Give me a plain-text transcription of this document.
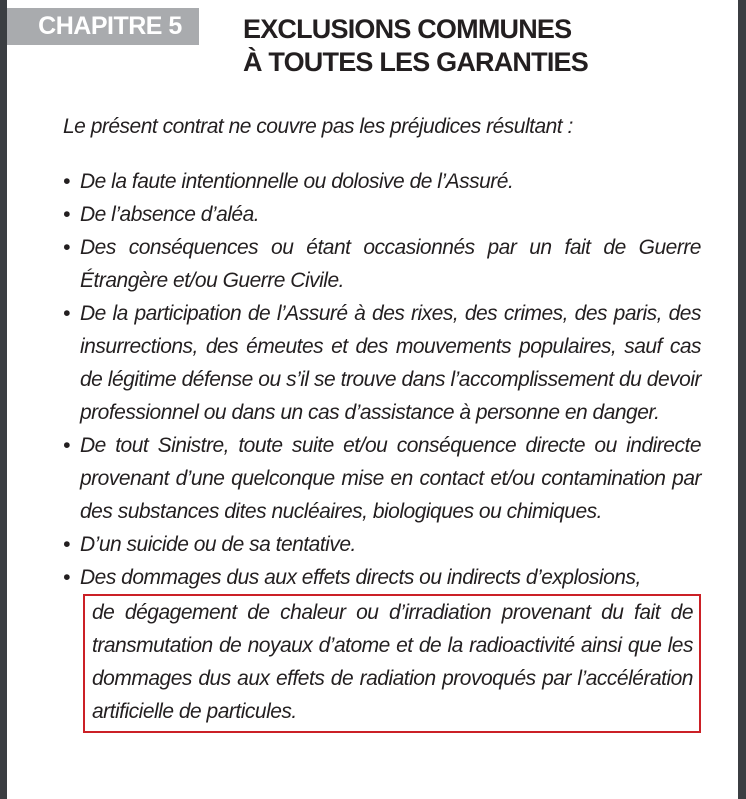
CHAPITRE 5 EXCLUSIONS COMMUNES
À TOUTES LES GARANTIES

Le présent contrat ne couvre pas les préjudices résultant :

• De la faute intentionnelle ou dolosive de l’Assuré.
• De l’absence d’aléa.
• Des conséquences ou étant occasionnés par un fait de Guerre Étrangère et/ou Guerre Civile.
• De la participation de l’Assuré à des rixes, des crimes, des paris, des insurrections, des émeutes et des mouvements populaires, sauf cas de légitime défense ou s’il se trouve dans l’accomplissement du devoir professionnel ou dans un cas d’assistance à personne en danger.
• De tout Sinistre, toute suite et/ou conséquence directe ou indirecte provenant d’une quelconque mise en contact et/ou contamination par des substances dites nucléaires, biologiques ou chimiques.
• D’un suicide ou de sa tentative.
• Des dommages dus aux effets directs ou indirects d’explosions,
de dégagement de chaleur ou d’irradiation provenant du fait de transmutation de noyaux d’atome et de la radioactivité ainsi que les dommages dus aux effets de radiation provoqués par l’accélération artificielle de particules.
